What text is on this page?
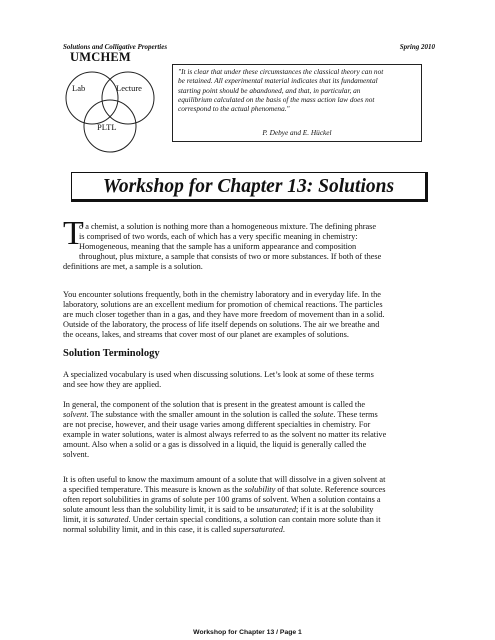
Solutions and Colligative Properties	Spring 2010
UMCHEM
Lab	Lecture
PLTL
"It is clear that under these circumstances the classical theory can not
be retained. All experimental material indicates that its fundamental
starting point should be abandoned, and that, in particular, an
equilibrium calculated on the basis of the mass action law does not
correspond to the actual phenomena."
P. Debye and E. Hückel
Workshop for Chapter 13: Solutions
T
o a chemist, a solution is nothing more than a homogeneous mixture. The defining phrase
is comprised of two words, each of which has a very specific meaning in chemistry:
Homogeneous, meaning that the sample has a uniform appearance and composition
throughout, plus mixture, a sample that consists of two or more substances. If both of these
definitions are met, a sample is a solution.
You encounter solutions frequently, both in the chemistry laboratory and in everyday life. In the
laboratory, solutions are an excellent medium for promotion of chemical reactions. The particles
are much closer together than in a gas, and they have more freedom of movement than in a solid.
Outside of the laboratory, the process of life itself depends on solutions. The air we breathe and
the oceans, lakes, and streams that cover most of our planet are examples of solutions.
Solution Terminology
A specialized vocabulary is used when discussing solutions. Let’s look at some of these terms
and see how they are applied.
In general, the component of the solution that is present in the greatest amount is called the
solvent. The substance with the smaller amount in the solution is called the solute. These terms
are not precise, however, and their usage varies among different specialties in chemistry. For
example in water solutions, water is almost always referred to as the solvent no matter its relative
amount. Also when a solid or a gas is dissolved in a liquid, the liquid is generally called the
solvent.
It is often useful to know the maximum amount of a solute that will dissolve in a given solvent at
a specified temperature. This measure is known as the solubility of that solute. Reference sources
often report solubilities in grams of solute per 100 grams of solvent. When a solution contains a
solute amount less than the solubility limit, it is said to be unsaturated; if it is at the solubility
limit, it is saturated. Under certain special conditions, a solution can contain more solute than it
normal solubility limit, and in this case, it is called supersaturated.
Workshop for Chapter 13 / Page 1
